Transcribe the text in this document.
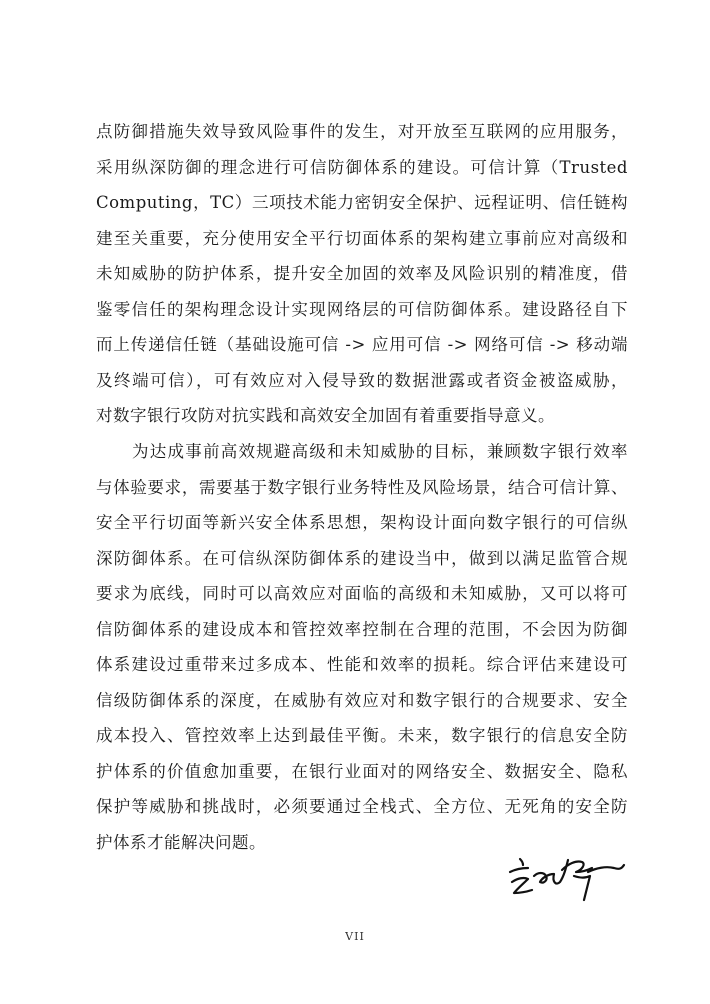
点防御措施失效导致风险事件的发生，对开放至互联网的应用服务，
采用纵深防御的理念进行可信防御体系的建设。可信计算（Trusted
Computing，TC）三项技术能力密钥安全保护、远程证明、信任链构
建至关重要，充分使用安全平行切面体系的架构建立事前应对高级和
未知威胁的防护体系，提升安全加固的效率及风险识别的精准度，借
鉴零信任的架构理念设计实现网络层的可信防御体系。建设路径自下
而上传递信任链（基础设施可信 -> 应用可信 -> 网络可信 -> 移动端
及终端可信），可有效应对入侵导致的数据泄露或者资金被盗威胁，
对数字银行攻防对抗实践和高效安全加固有着重要指导意义。
为达成事前高效规避高级和未知威胁的目标，兼顾数字银行效率
与体验要求，需要基于数字银行业务特性及风险场景，结合可信计算、
安全平行切面等新兴安全体系思想，架构设计面向数字银行的可信纵
深防御体系。在可信纵深防御体系的建设当中，做到以满足监管合规
要求为底线，同时可以高效应对面临的高级和未知威胁，又可以将可
信防御体系的建设成本和管控效率控制在合理的范围，不会因为防御
体系建设过重带来过多成本、性能和效率的损耗。综合评估来建设可
信级防御体系的深度，在威胁有效应对和数字银行的合规要求、安全
成本投入、管控效率上达到最佳平衡。未来，数字银行的信息安全防
护体系的价值愈加重要，在银行业面对的网络安全、数据安全、隐私
保护等威胁和挑战时，必须要通过全栈式、全方位、无死角的安全防
护体系才能解决问题。
VII
